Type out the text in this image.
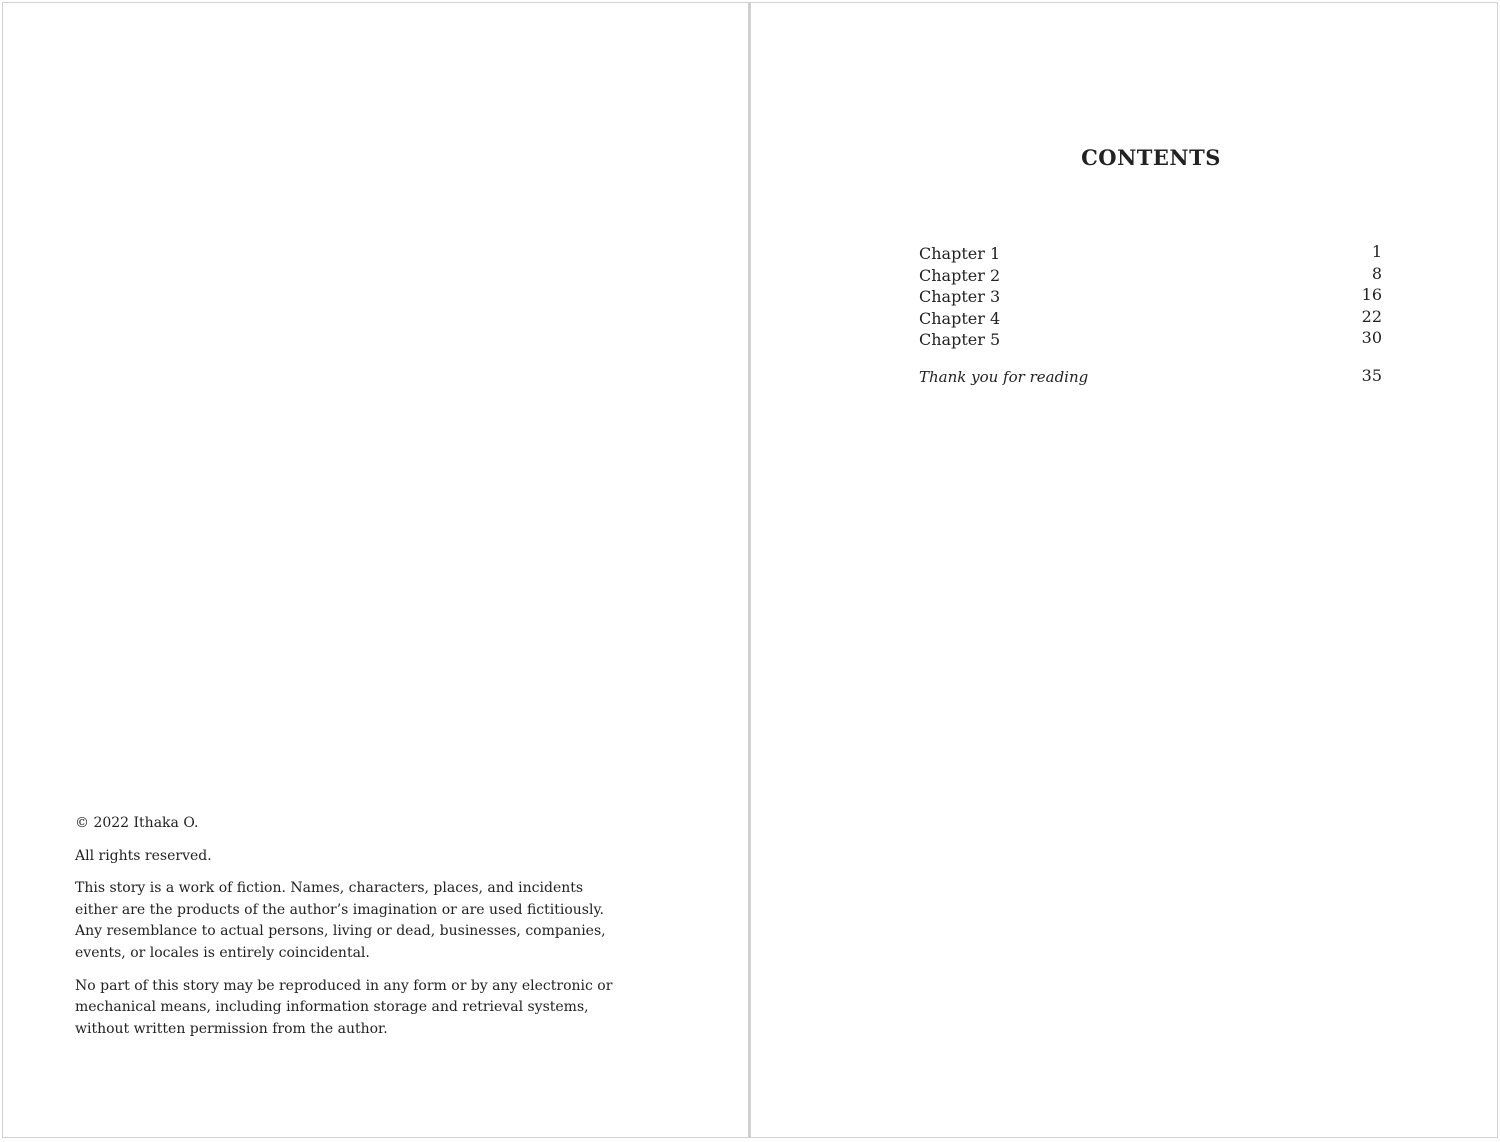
© 2022 Ithaka O.

All rights reserved.

This story is a work of fiction. Names, characters, places, and incidents either are the products of the author’s imagination or are used fictitiously. Any resemblance to actual persons, living or dead, businesses, companies, events, or locales is entirely coincidental.

No part of this story may be reproduced in any form or by any electronic or mechanical means, including information storage and retrieval systems, without written permission from the author.

CONTENTS
Chapter 1	1
Chapter 2	8
Chapter 3	16
Chapter 4	22
Chapter 5	30
Thank you for reading	35
